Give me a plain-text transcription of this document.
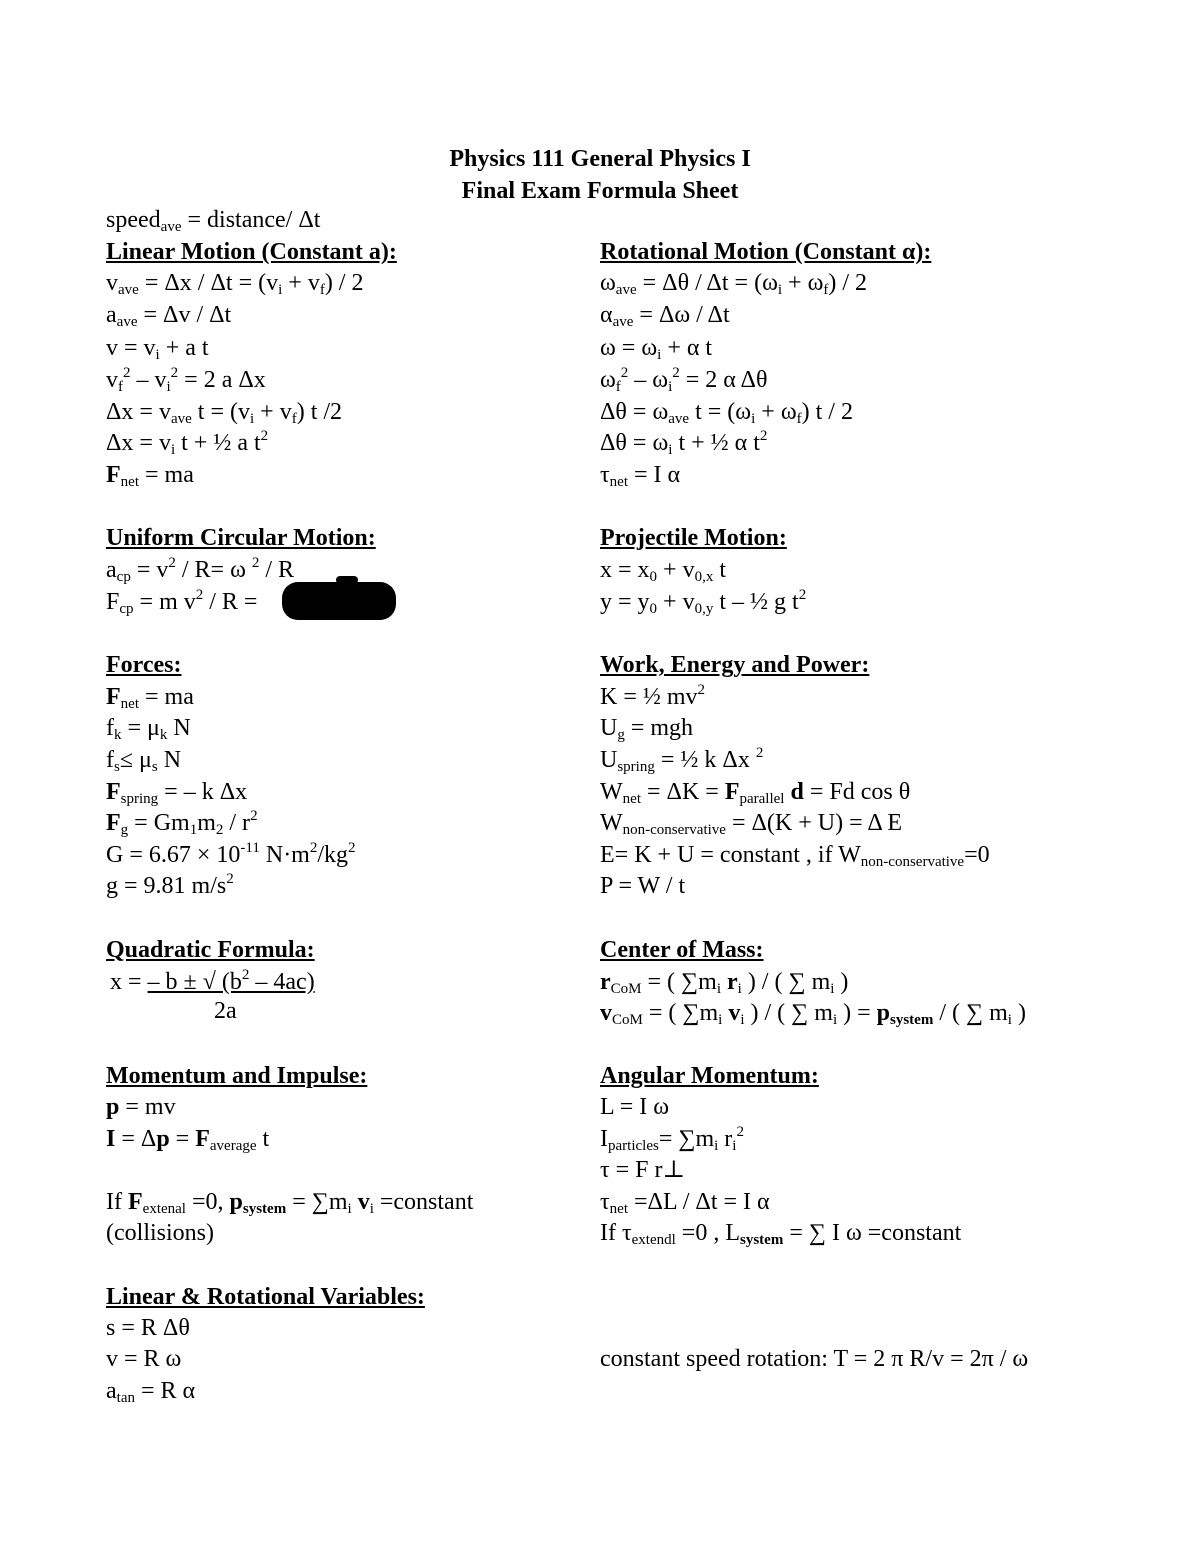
Physics 111 General Physics I
Final Exam Formula Sheet
speed$_{ave}$ = distance/ Δt
Linear Motion (Constant a):
$v_{ave} = \Delta x / \Delta t = (v_i + v_f) / 2$
$a_{ave} = \Delta v / \Delta t$
$v = v_i + a$ t
$v_f^2 - v_i^2 = 2$ a Δx
$\Delta x = v_{ave}$ $t = (v_i + v_f)$ t /2
$\Delta x = v_i$ t + ½ a $t^2$
$F_{net}$ = ma
Rotational Motion (Constant α):
$\omega_{ave} = \Delta\theta / \Delta t = (\omega_i + \omega_f) / 2$
$\alpha_{ave} = \Delta\omega / \Delta t$
$\omega = \omega_i + \alpha$ t
$\omega_f^2 - \omega_i^2 = 2$ α Δθ
$\Delta\theta = \omega_{ave}$ $t = (\omega_i + \omega_f)$ t / 2
$\Delta\theta = \omega_i$ t + ½ α $t^2$
$\tau_{net} = I$ α
Uniform Circular Motion:
$a_{cp} = v^2 / R= \omega$ $^2$ / R
$F_{cp} = m$ $v^2$ / R =
Projectile Motion:
$x = x_0 + v_{0,x}$ t
$y = y_0 + v_{0,y}$ t – ½ g $t^2$
Forces:
$F_{net}$ = ma
$f_k = \mu_k$ N
$f_s\le \mu_s$ N
$F_{spring}$ = – k Δx
$F_g = Gm_1m_2 / r^2$
$G = 6.67 \times 10^{-11}$ $N\cdot m^2/kg^2$
g = 9.81 $m/s^2$
Work, Energy and Power:
K = ½ $mv^2$
$U_g$ = mgh
$U_{spring}$ = ½ k Δx $^2$
$W_{net} = \Delta K = F_{parallel}$ d = Fd cos θ
$W_{non-conservative} = \Delta(K + U) = \Delta$ E
E= K + U = constant , if $W_{non-conservative}=0$
P = W / t
Quadratic Formula:
x = – b ± √ $(b^2 - 4ac)$
2a
Center of Mass:
$r_{CoM}$ = ( $\sum m_i$ $r_i$ ) / ( ∑ $m_i$ )
$v_{CoM}$ = ( $\sum m_i$ $v_i$ ) / ( ∑ $m_i$ ) = $p_{system}$ / ( ∑ $m_i$ )
Momentum and Impulse:
p = mv
$I = \Delta p = F_{average}$ t
If $F_{extenal} =0$, $p_{system} = \sum m_i$ $v_i$ =constant
(collisions)
Angular Momentum:
L = I ω
$I_{particles}= \sum m_i$ $r_i^2$
τ = F r⊥
$\tau_{net} =\Delta L / \Delta t = I$ α
If $\tau_{extendl} =0$ , $L_{system}$ = ∑ I ω =constant
Linear & Rotational Variables:
s = R Δθ
v = R ω
$a_{tan} = R$ α
constant speed rotation: T = 2 π R/v = 2π / ω
